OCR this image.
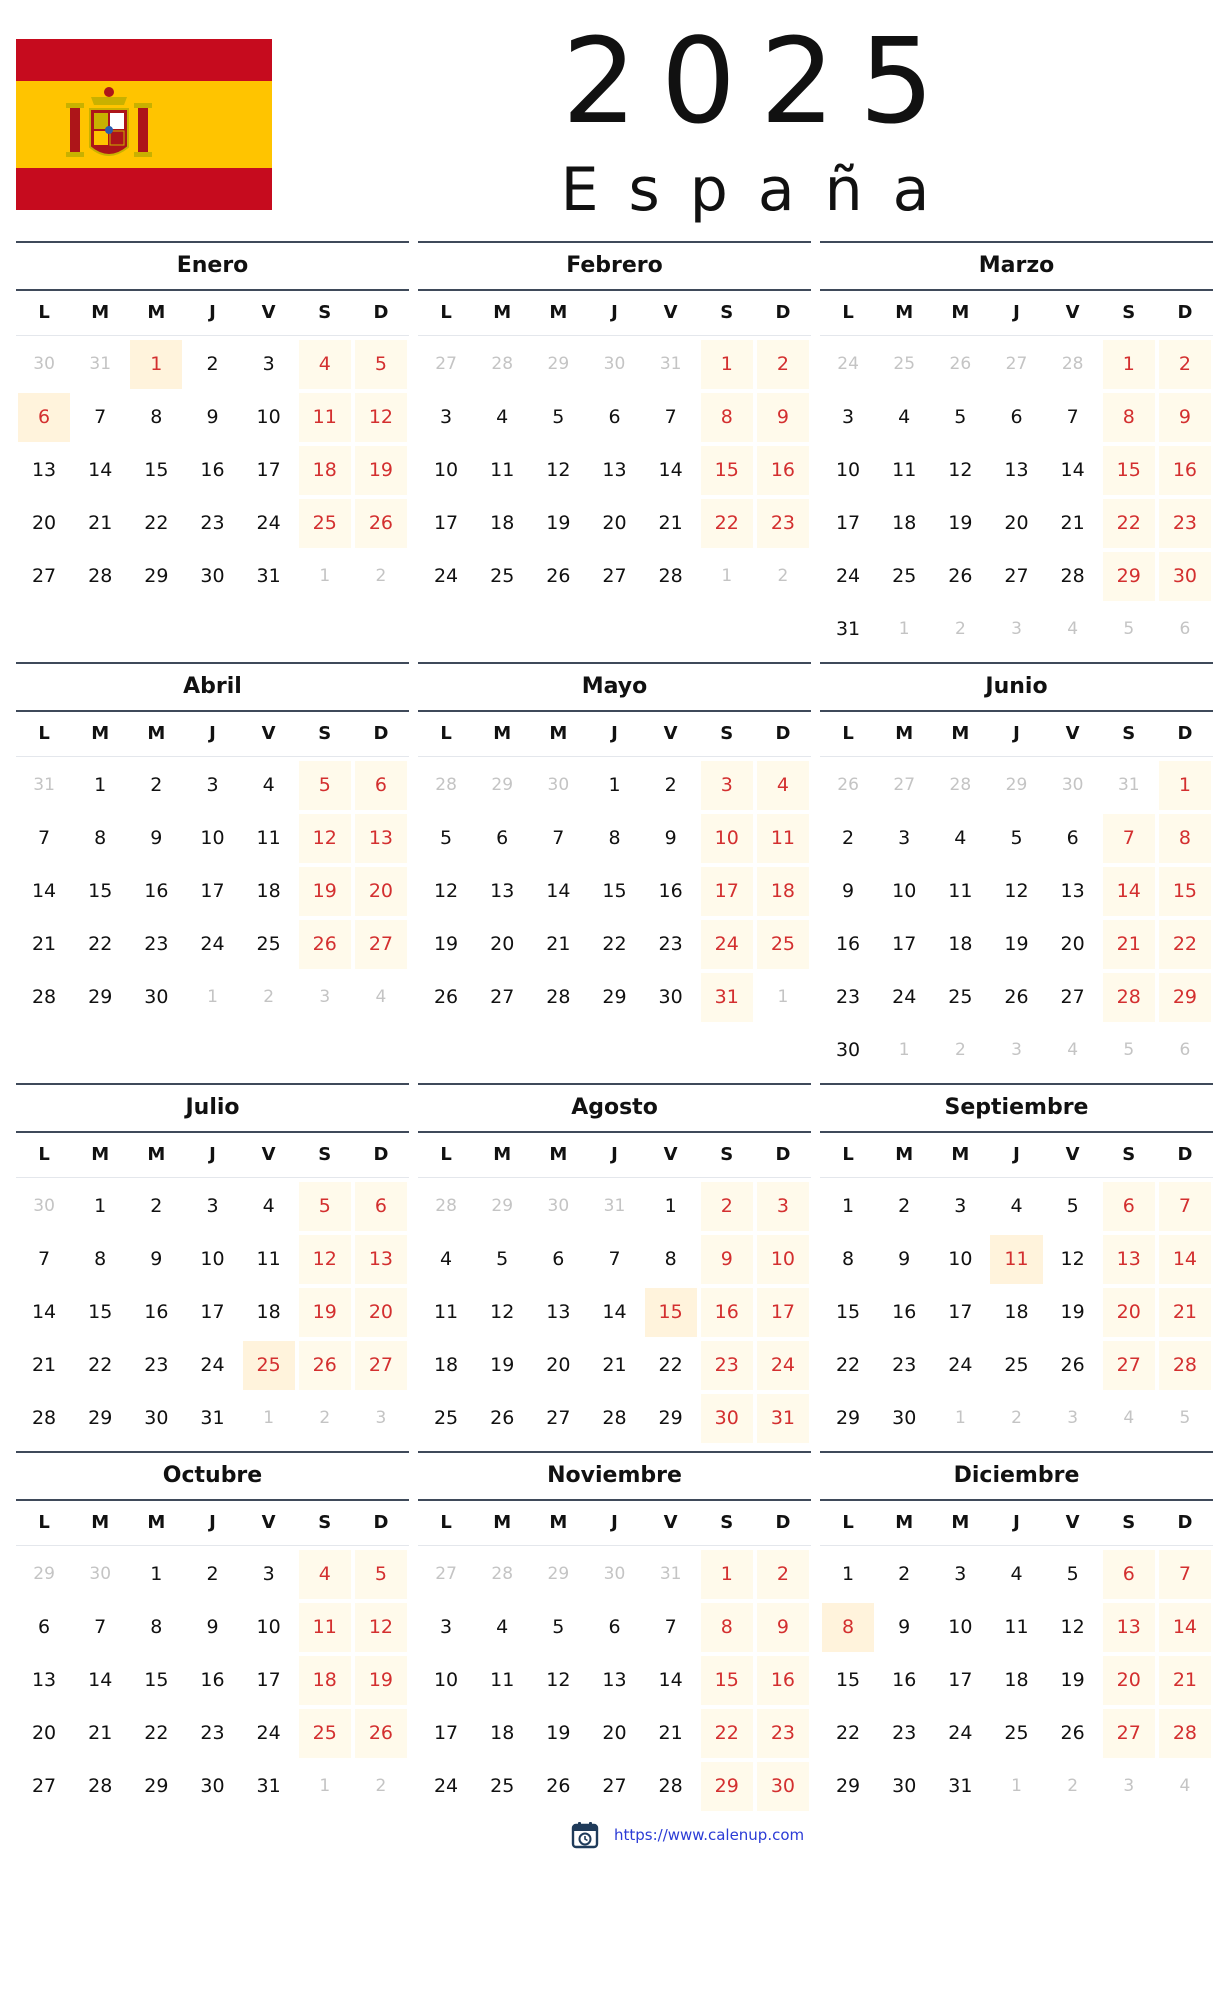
2025
España
Enero
L	M	M	J	V	S	D
30	31	1	2	3	4	5
6	7	8	9	10	11	12
13	14	15	16	17	18	19
20	21	22	23	24	25	26
27	28	29	30	31	1	2
Febrero
L	M	M	J	V	S	D
27	28	29	30	31	1	2
3	4	5	6	7	8	9
10	11	12	13	14	15	16
17	18	19	20	21	22	23
24	25	26	27	28	1	2
Marzo
L	M	M	J	V	S	D
24	25	26	27	28	1	2
3	4	5	6	7	8	9
10	11	12	13	14	15	16
17	18	19	20	21	22	23
24	25	26	27	28	29	30
31	1	2	3	4	5	6
Abril
L	M	M	J	V	S	D
31	1	2	3	4	5	6
7	8	9	10	11	12	13
14	15	16	17	18	19	20
21	22	23	24	25	26	27
28	29	30	1	2	3	4
Mayo
L	M	M	J	V	S	D
28	29	30	1	2	3	4
5	6	7	8	9	10	11
12	13	14	15	16	17	18
19	20	21	22	23	24	25
26	27	28	29	30	31	1
Junio
L	M	M	J	V	S	D
26	27	28	29	30	31	1
2	3	4	5	6	7	8
9	10	11	12	13	14	15
16	17	18	19	20	21	22
23	24	25	26	27	28	29
30	1	2	3	4	5	6
Julio
L	M	M	J	V	S	D
30	1	2	3	4	5	6
7	8	9	10	11	12	13
14	15	16	17	18	19	20
21	22	23	24	25	26	27
28	29	30	31	1	2	3
Agosto
L	M	M	J	V	S	D
28	29	30	31	1	2	3
4	5	6	7	8	9	10
11	12	13	14	15	16	17
18	19	20	21	22	23	24
25	26	27	28	29	30	31
Septiembre
L	M	M	J	V	S	D
1	2	3	4	5	6	7
8	9	10	11	12	13	14
15	16	17	18	19	20	21
22	23	24	25	26	27	28
29	30	1	2	3	4	5
Octubre
L	M	M	J	V	S	D
29	30	1	2	3	4	5
6	7	8	9	10	11	12
13	14	15	16	17	18	19
20	21	22	23	24	25	26
27	28	29	30	31	1	2
Noviembre
L	M	M	J	V	S	D
27	28	29	30	31	1	2
3	4	5	6	7	8	9
10	11	12	13	14	15	16
17	18	19	20	21	22	23
24	25	26	27	28	29	30
Diciembre
L	M	M	J	V	S	D
1	2	3	4	5	6	7
8	9	10	11	12	13	14
15	16	17	18	19	20	21
22	23	24	25	26	27	28
29	30	31	1	2	3	4
https://www.calenup.com
